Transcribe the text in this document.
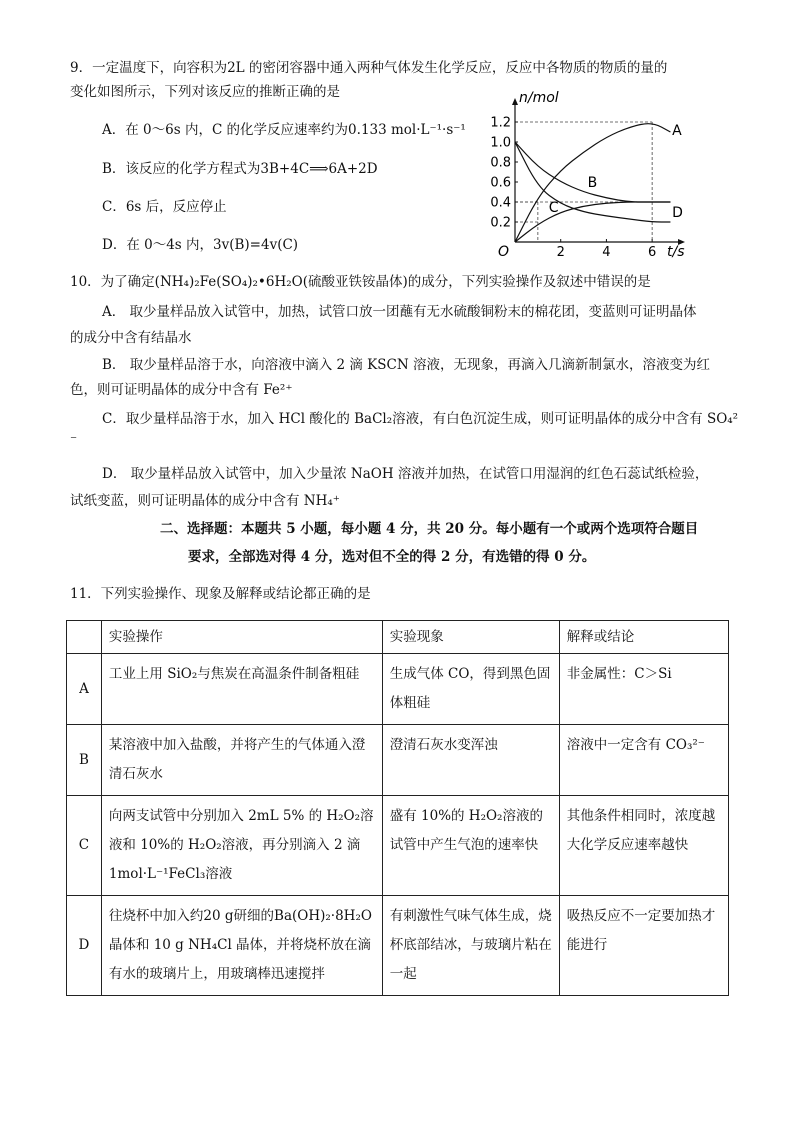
9．一定温度下，向容积为2L 的密闭容器中通入两种气体发生化学反应，反应中各物质的物质的量的
变化如图所示，下列对该反应的推断正确的是
A．在 0～6s 内，C 的化学反应速率约为0.133 mol·L⁻¹·s⁻¹
B．该反应的化学方程式为3B+4C⟹6A+2D
C．6s 后，反应停止
D．在 0～4s 内，3v(B)=4v(C)	2	4	6
0.2
0.4
0.6
0.8
1.0
1.2
O
n/mol
t/s
A
B
C	D
10．为了确定(NH₄)₂Fe(SO₄)₂•6H₂O(硫酸亚铁铵晶体)的成分，下列实验操作及叙述中错误的是
A． 取少量样品放入试管中，加热，试管口放一团蘸有无水硫酸铜粉末的棉花团，变蓝则可证明晶体
的成分中含有结晶水
B． 取少量样品溶于水，向溶液中滴入 2 滴 KSCN 溶液，无现象，再滴入几滴新制氯水，溶液变为红
色，则可证明晶体的成分中含有 Fe²⁺
C．取少量样品溶于水，加入 HCl 酸化的 BaCl₂溶液，有白色沉淀生成，则可证明晶体的成分中含有 SO₄²
⁻
D． 取少量样品放入试管中，加入少量浓 NaOH 溶液并加热，在试管口用湿润的红色石蕊试纸检验，
试纸变蓝，则可证明晶体的成分中含有 NH₄⁺
二、选择题：本题共 5 小题，每小题 4 分，共 20 分。每小题有一个或两个选项符合题目
要求，全部选对得 4 分，选对但不全的得 2 分，有选错的得 0 分。
11．下列实验操作、现象及解释或结论都正确的是
	实验操作	实验现象	解释或结论
A	工业上用 SiO₂与焦炭在高温条件制备粗硅	生成气体 CO，得到黑色固体粗硅	非金属性：C＞Si
B	某溶液中加入盐酸，并将产生的气体通入澄清石灰水	澄清石灰水变浑浊	溶液中一定含有 CO₃²⁻
C	向两支试管中分别加入 2mL 5% 的 H₂O₂溶液和 10%的 H₂O₂溶液，再分别滴入 2 滴 1mol·L⁻¹FeCl₃溶液	盛有 10%的 H₂O₂溶液的试管中产生气泡的速率快	其他条件相同时，浓度越大化学反应速率越快
D	往烧杯中加入约20 g研细的Ba(OH)₂·8H₂O晶体和 10 g NH₄Cl 晶体，并将烧杯放在滴有水的玻璃片上，用玻璃棒迅速搅拌	有刺激性气味气体生成，烧杯底部结冰，与玻璃片粘在一起	吸热反应不一定要加热才能进行
